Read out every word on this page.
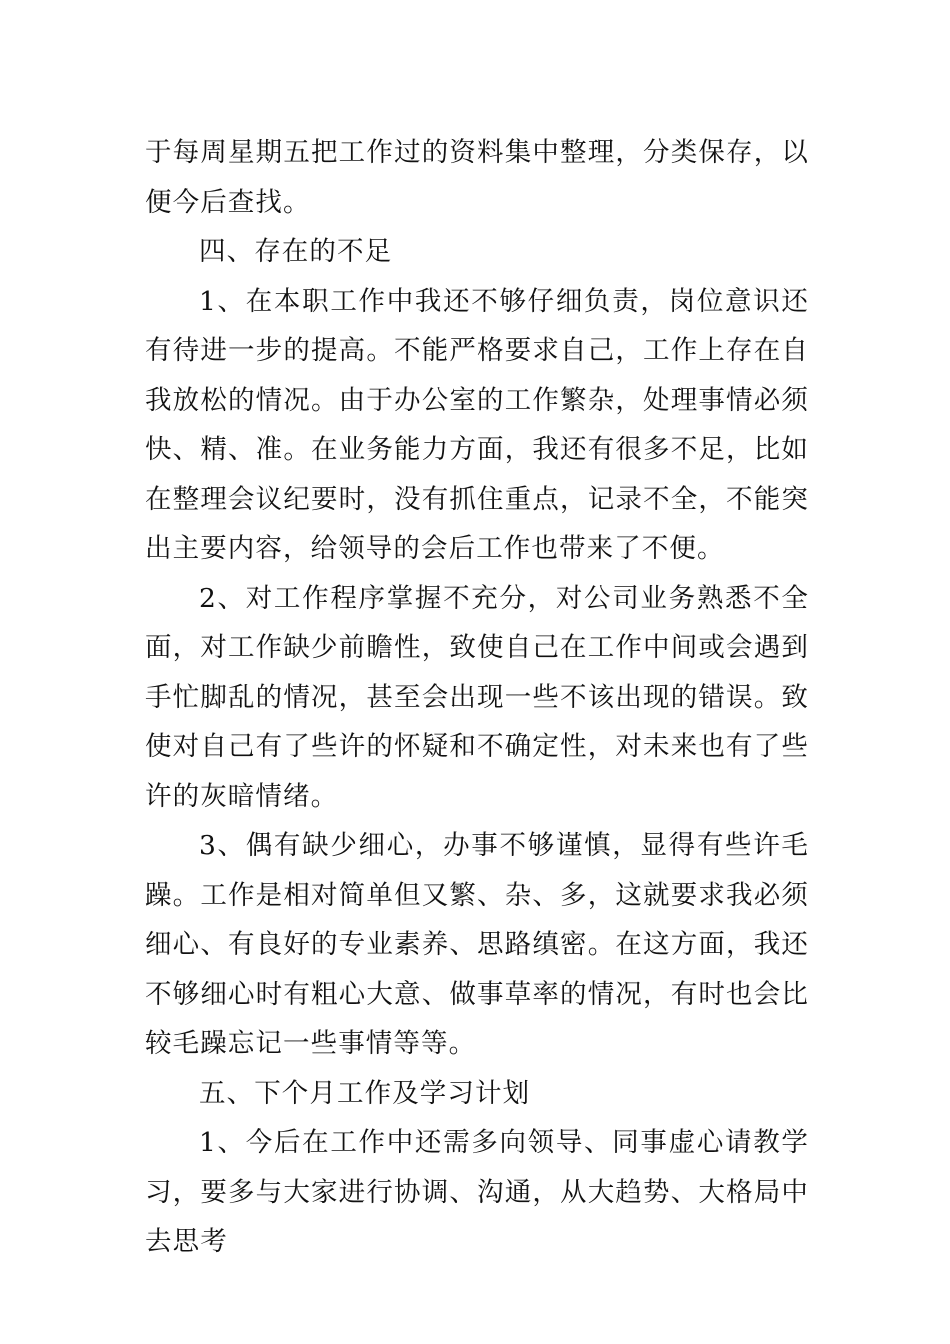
于每周星期五把工作过的资料集中整理，分类保存，以便今后查找。

四、存在的不足

1、在本职工作中我还不够仔细负责，岗位意识还有待进一步的提高。不能严格要求自己，工作上存在自我放松的情况。由于办公室的工作繁杂，处理事情必须快、精、准。在业务能力方面，我还有很多不足，比如在整理会议纪要时，没有抓住重点，记录不全，不能突出主要内容，给领导的会后工作也带来了不便。

2、对工作程序掌握不充分，对公司业务熟悉不全面，对工作缺少前瞻性，致使自己在工作中间或会遇到手忙脚乱的情况，甚至会出现一些不该出现的错误。致使对自己有了些许的怀疑和不确定性，对未来也有了些许的灰暗情绪。

3、偶有缺少细心，办事不够谨慎，显得有些许毛躁。工作是相对简单但又繁、杂、多，这就要求我必须细心、有良好的专业素养、思路缜密。在这方面，我还不够细心时有粗心大意、做事草率的情况，有时也会比较毛躁忘记一些事情等等。

五、下个月工作及学习计划

1、今后在工作中还需多向领导、同事虚心请教学习，要多与大家进行协调、沟通，从大趋势、大格局中去思考
